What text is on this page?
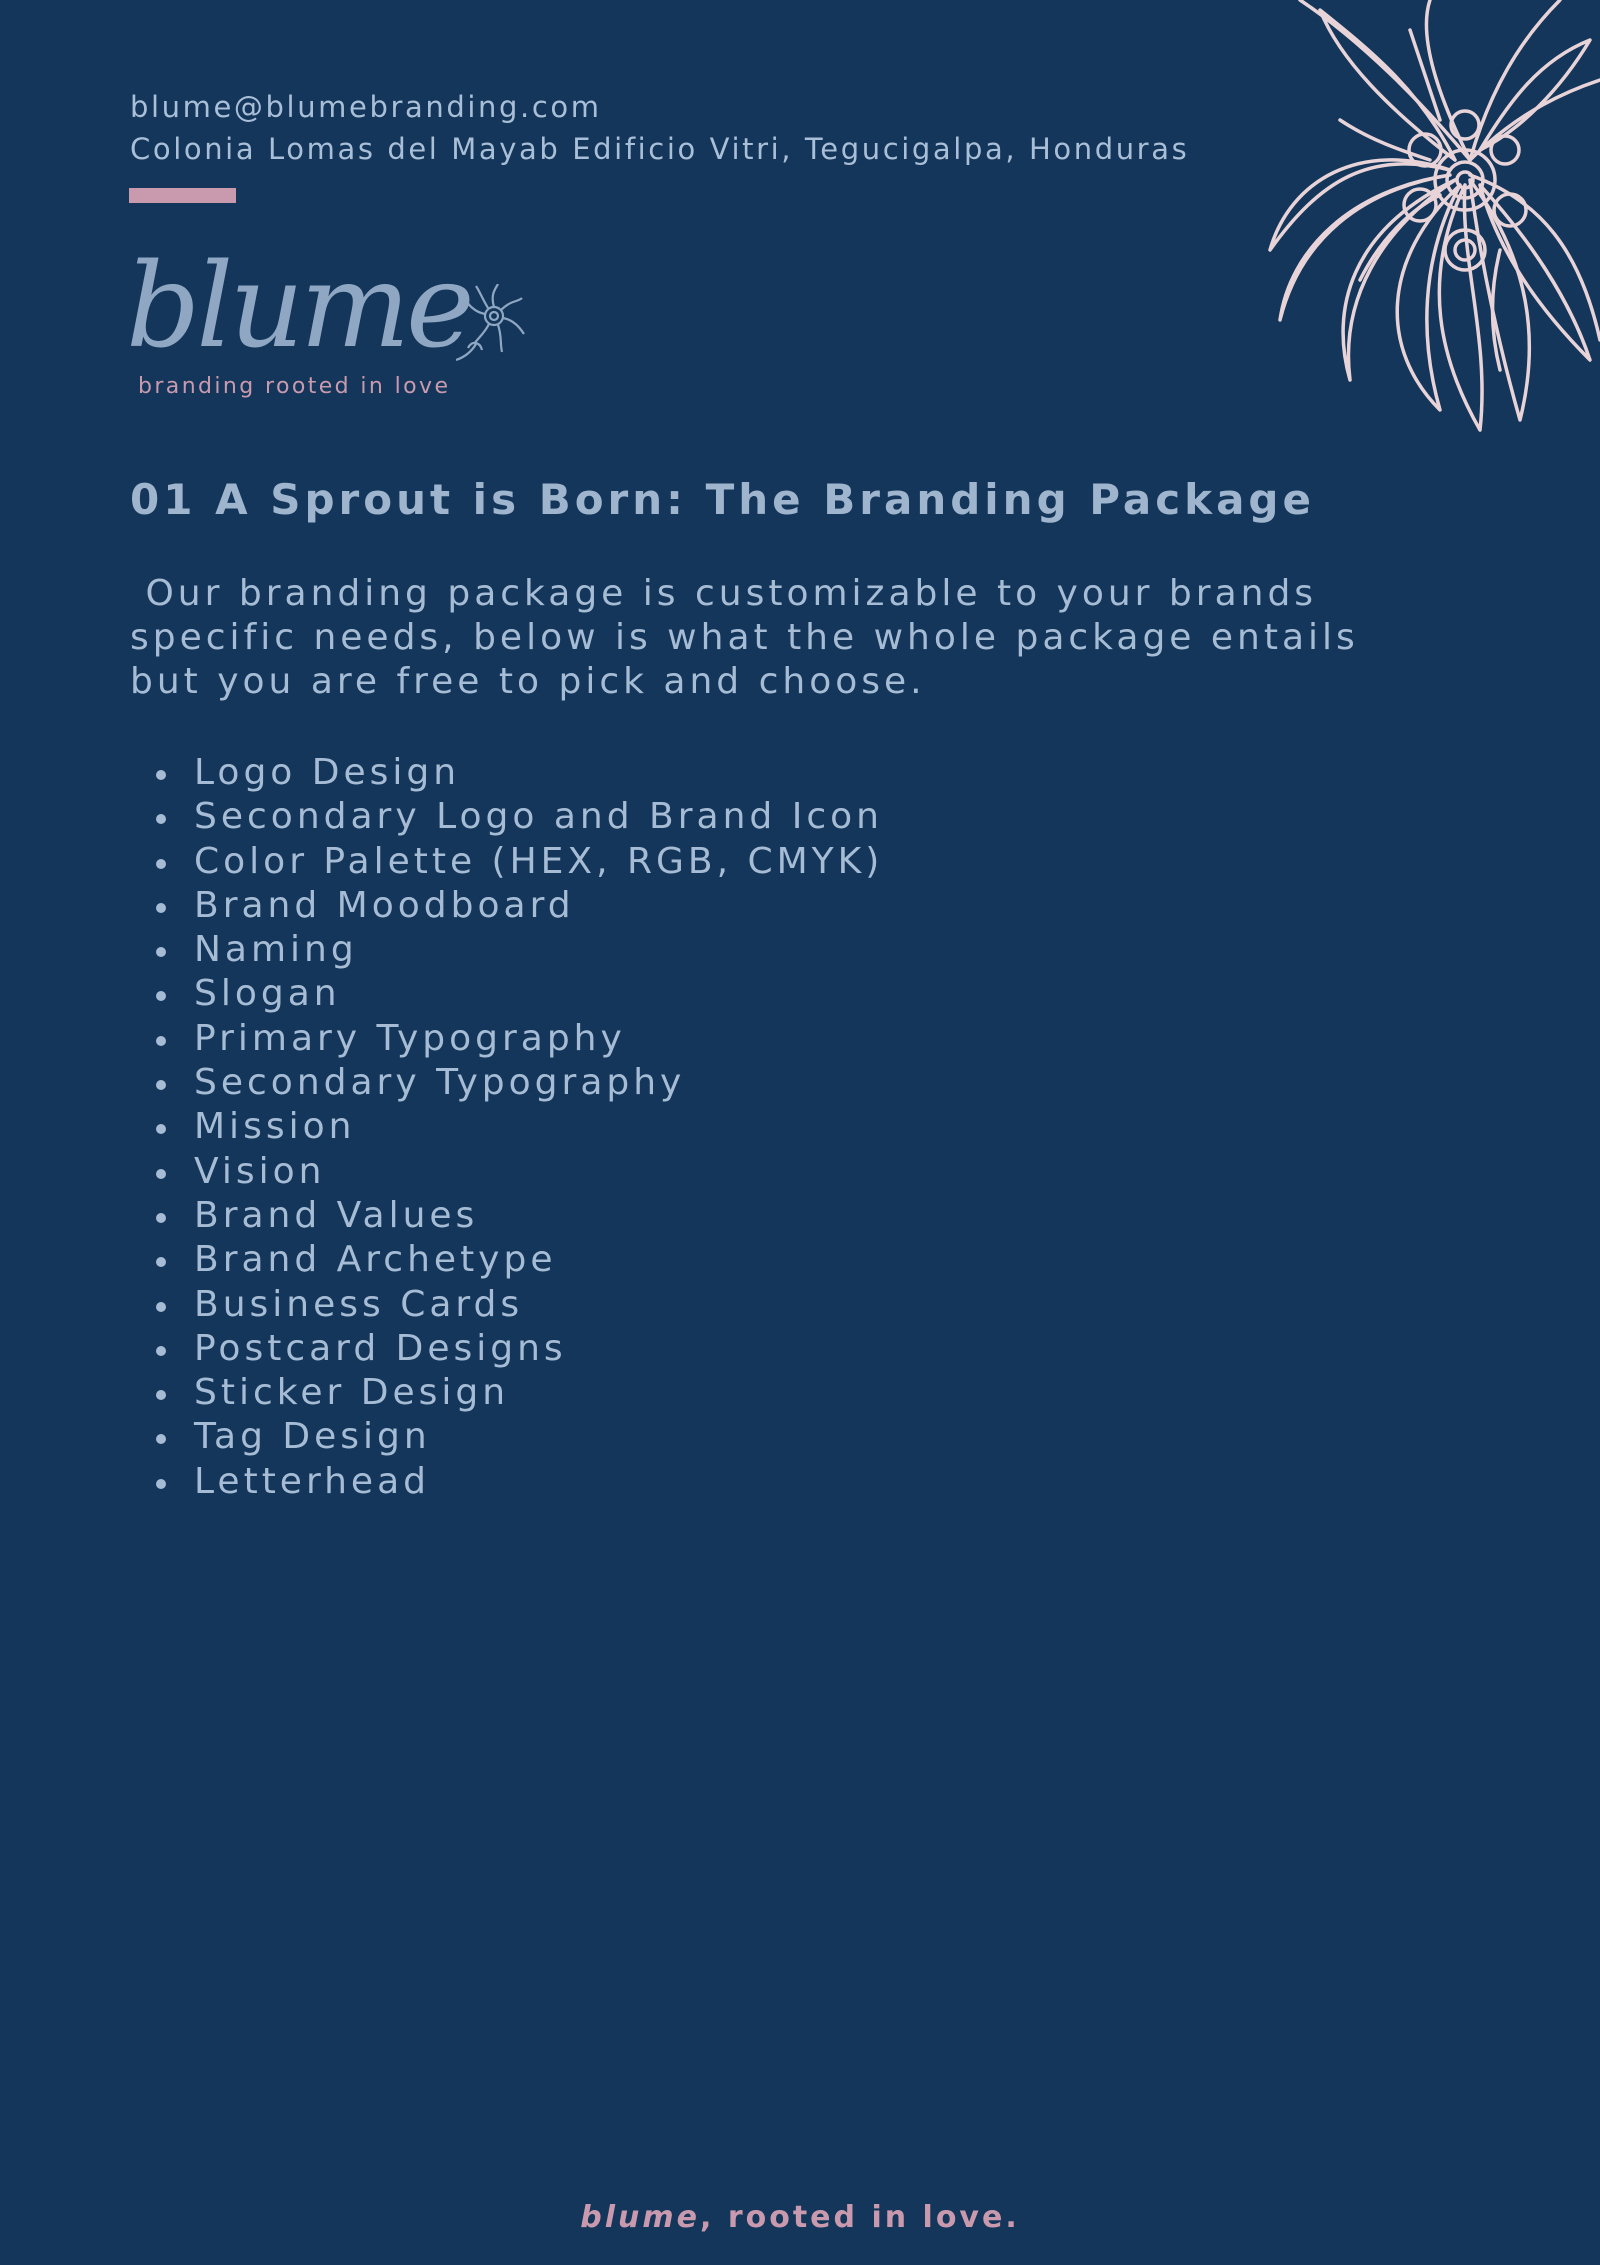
blume@blumebranding.com
Colonia Lomas del Mayab Edificio Vitri, Tegucigalpa, Honduras
blume
branding rooted in love
01 A Sprout is Born: The Branding Package

Our branding package is customizable to your brands
specific needs, below is what the whole package entails
but you are free to pick and choose.

Logo Design
Secondary Logo and Brand Icon
Color Palette (HEX, RGB, CMYK)
Brand Moodboard
Naming
Slogan
Primary Typography
Secondary Typography
Mission
Vision
Brand Values
Brand Archetype
Business Cards
Postcard Designs
Sticker Design
Tag Design
Letterhead
blume, rooted in love.
